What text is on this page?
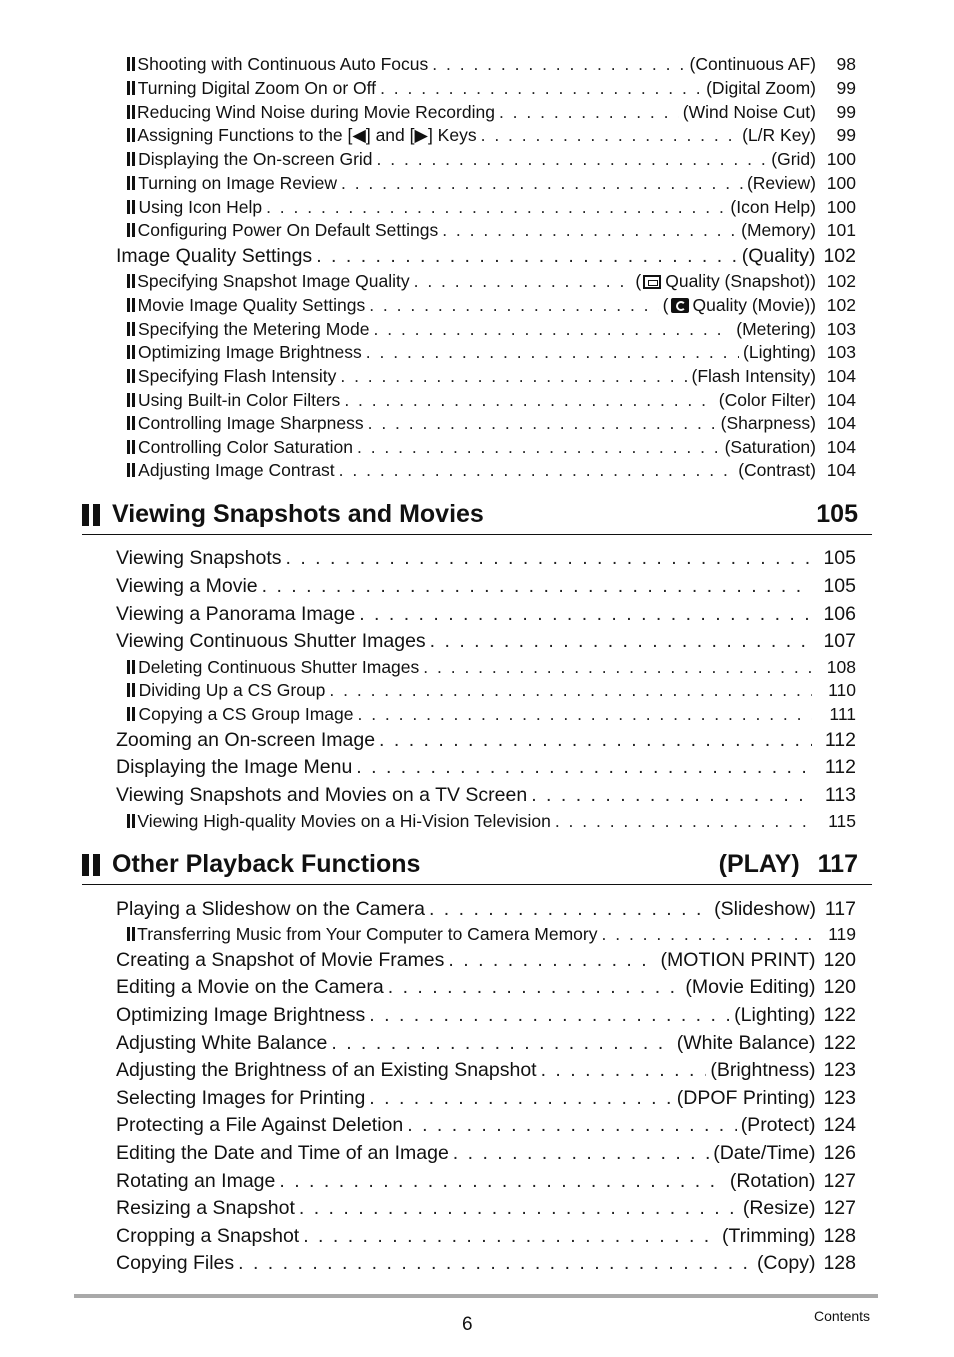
Shooting with Continuous Auto Focus . . .	(Continuous AF)	98
Turning Digital Zoom On or Off . . .	(Digital Zoom)	99
Reducing Wind Noise during Movie Recording . . .	(Wind Noise Cut)	99
Assigning Functions to the [◀] and [▶] Keys . . .	(L/R Key)	99
Displaying the On-screen Grid . . .	(Grid) 100
Turning on Image Review . . .	(Review) 100
Using Icon Help . . .	(Icon Help) 100
Configuring Power On Default Settings . . .	(Memory) 101
Image Quality Settings . . .	(Quality) 102
Specifying Snapshot Image Quality . . .	( Quality (Snapshot)) 102
Movie Image Quality Settings . . .	( Quality (Movie)) 102
Specifying the Metering Mode . . .	(Metering) 103
Optimizing Image Brightness . . .	(Lighting) 103
Specifying Flash Intensity . . .	(Flash Intensity) 104
Using Built-in Color Filters . . .	(Color Filter) 104
Controlling Image Sharpness . . .	(Sharpness) 104
Controlling Color Saturation . . .	(Saturation) 104
Adjusting Image Contrast . . .	(Contrast) 104
Viewing Snapshots and Movies	105
Viewing Snapshots . . .	105
Viewing a Movie . . .	105
Viewing a Panorama Image . . .	106
Viewing Continuous Shutter Images . . .	107
Deleting Continuous Shutter Images . . .	108
Dividing Up a CS Group . . .	110
Copying a CS Group Image . . .	111
Zooming an On-screen Image . . .	112
Displaying the Image Menu . . .	112
Viewing Snapshots and Movies on a TV Screen . . .	113
Viewing High-quality Movies on a Hi-Vision Television . . .	115
Other Playback Functions	(PLAY) 117
Playing a Slideshow on the Camera . . .	(Slideshow) 117
Transferring Music from Your Computer to Camera Memory . . .	119
Creating a Snapshot of Movie Frames . . .	(MOTION PRINT) 120
Editing a Movie on the Camera . . .	(Movie Editing) 120
Optimizing Image Brightness . . .	(Lighting) 122
Adjusting White Balance . . .	(White Balance) 122
Adjusting the Brightness of an Existing Snapshot . . .	(Brightness) 123
Selecting Images for Printing . . .	(DPOF Printing) 123
Protecting a File Against Deletion . . .	(Protect) 124
Editing the Date and Time of an Image . . .	(Date/Time) 126
Rotating an Image . . .	(Rotation) 127
Resizing a Snapshot . . .	(Resize) 127
Cropping a Snapshot . . .	(Trimming) 128
Copying Files . . .	(Copy) 128
6	Contents
